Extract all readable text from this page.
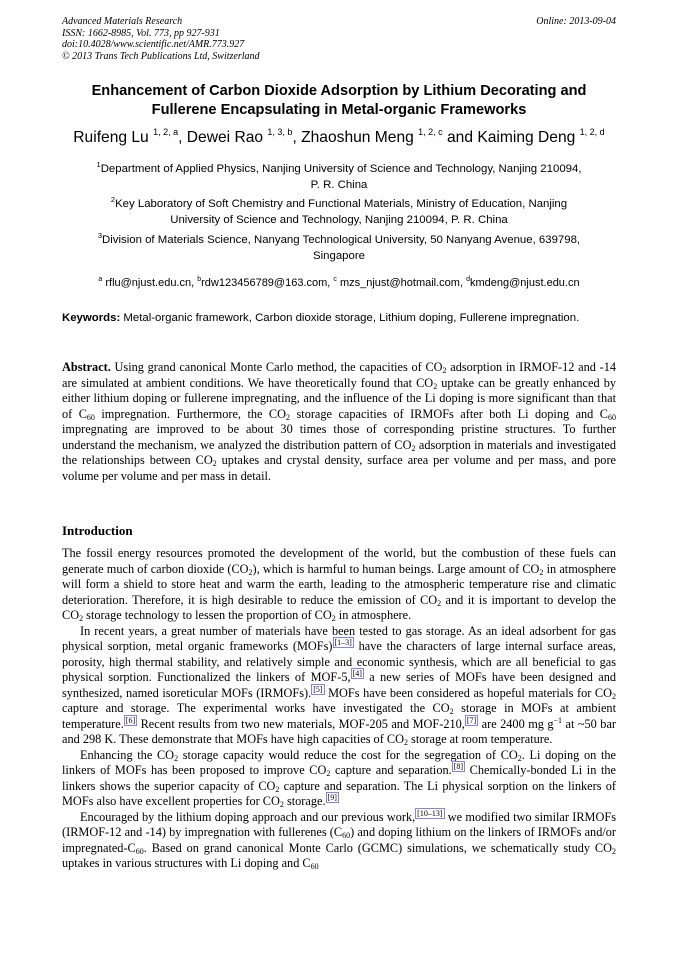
Advanced Materials Research
ISSN: 1662-8985, Vol. 773, pp 927-931
doi:10.4028/www.scientific.net/AMR.773.927
© 2013 Trans Tech Publications Ltd, Switzerland
Online: 2013-09-04
Enhancement of Carbon Dioxide Adsorption by Lithium Decorating and
Fullerene Encapsulating in Metal-organic Frameworks
Ruifeng Lu $^{1, 2, a}$, Dewei Rao $^{1, 3, b}$, Zhaoshun Meng $^{1, 2, c}$ and Kaiming Deng $^{1, 2, d}$
$^1$Department of Applied Physics, Nanjing University of Science and Technology, Nanjing 210094,
P. R. China
$^2$Key Laboratory of Soft Chemistry and Functional Materials, Ministry of Education, Nanjing
University of Science and Technology, Nanjing 210094, P. R. China
$^3$Division of Materials Science, Nanyang Technological University, 50 Nanyang Avenue, 639798,
Singapore
$^a$ rflu@njust.edu.cn, $^b$rdw123456789@163.com, $^c$ mzs_njust@hotmail.com, $^d$kmdeng@njust.edu.cn
Keywords: Metal-organic framework, Carbon dioxide storage, Lithium doping, Fullerene impregnation.

Abstract. Using grand canonical Monte Carlo method, the capacities of $CO_2$ adsorption in IRMOF-12 and -14 are simulated at ambient conditions. We have theoretically found that $CO_2$ uptake can be greatly enhanced by either lithium doping or fullerene impregnating, and the influence of the Li doping is more significant than that of $C_{60}$ impregnation. Furthermore, the $CO_2$ storage capacities of IRMOFs after both Li doping and $C_{60}$ impregnating are improved to be about 30 times those of corresponding pristine structures. To further understand the mechanism, we analyzed the distribution pattern of $CO_2$ adsorption in materials and investigated the relationships between $CO_2$ uptakes and crystal density, surface area per volume and per mass, and pore volume per volume and per mass in detail.

Introduction

The fossil energy resources promoted the development of the world, but the combustion of these fuels can generate much of carbon dioxide $(CO_2)$, which is harmful to human beings. Large amount of $CO_2$ in atmosphere will form a shield to store heat and warm the earth, leading to the atmospheric temperature rise and climatic deterioration. Therefore, it is high desirable to reduce the emission of $CO_2$ and it is important to develop the $CO_2$ storage technology to lessen the proportion of $CO_2$ in atmosphere.

In recent years, a great number of materials have been tested to gas storage. As an ideal adsorbent for gas physical sorption, metal organic frameworks (MOFs) [1–3] have the characters of large internal surface areas, porosity, high thermal stability, and relatively simple and economic synthesis, which are all beneficial to gas physical sorption. Functionalized the linkers of MOF-5, [4] a new series of MOFs have been designed and synthesized, named isoreticular MOFs (IRMOFs). [5] MOFs have been considered as hopeful materials for $CO_2$ capture and storage. The experimental works have investigated the $CO_2$ storage in MOFs at ambient temperature. [6] Recent results from two new materials, MOF-205 and MOF-210, [7] are 2400 mg $g^{-1}$ at ~50 bar and 298 K. These demonstrate that MOFs have high capacities of $CO_2$ storage at room temperature.

Enhancing the $CO_2$ storage capacity would reduce the cost for the segregation of $CO_2$. Li doping on the linkers of MOFs has been proposed to improve $CO_2$ capture and separation. [8] Chemically-bonded Li in the linkers shows the superior capacity of $CO_2$ capture and separation. The Li physical sorption on the linkers of MOFs also have excellent properties for $CO_2$ storage. [9]

Encouraged by the lithium doping approach and our previous work, [10–13] we modified two similar IRMOFs (IRMOF-12 and -14) by impregnation with fullerenes $(C_{60})$ and doping lithium on the linkers of IRMOFs and/or impregnated-$C_{60}$. Based on grand canonical Monte Carlo (GCMC) simulations, we schematically study $CO_2$ uptakes in various structures with Li doping and $C_{60}$
